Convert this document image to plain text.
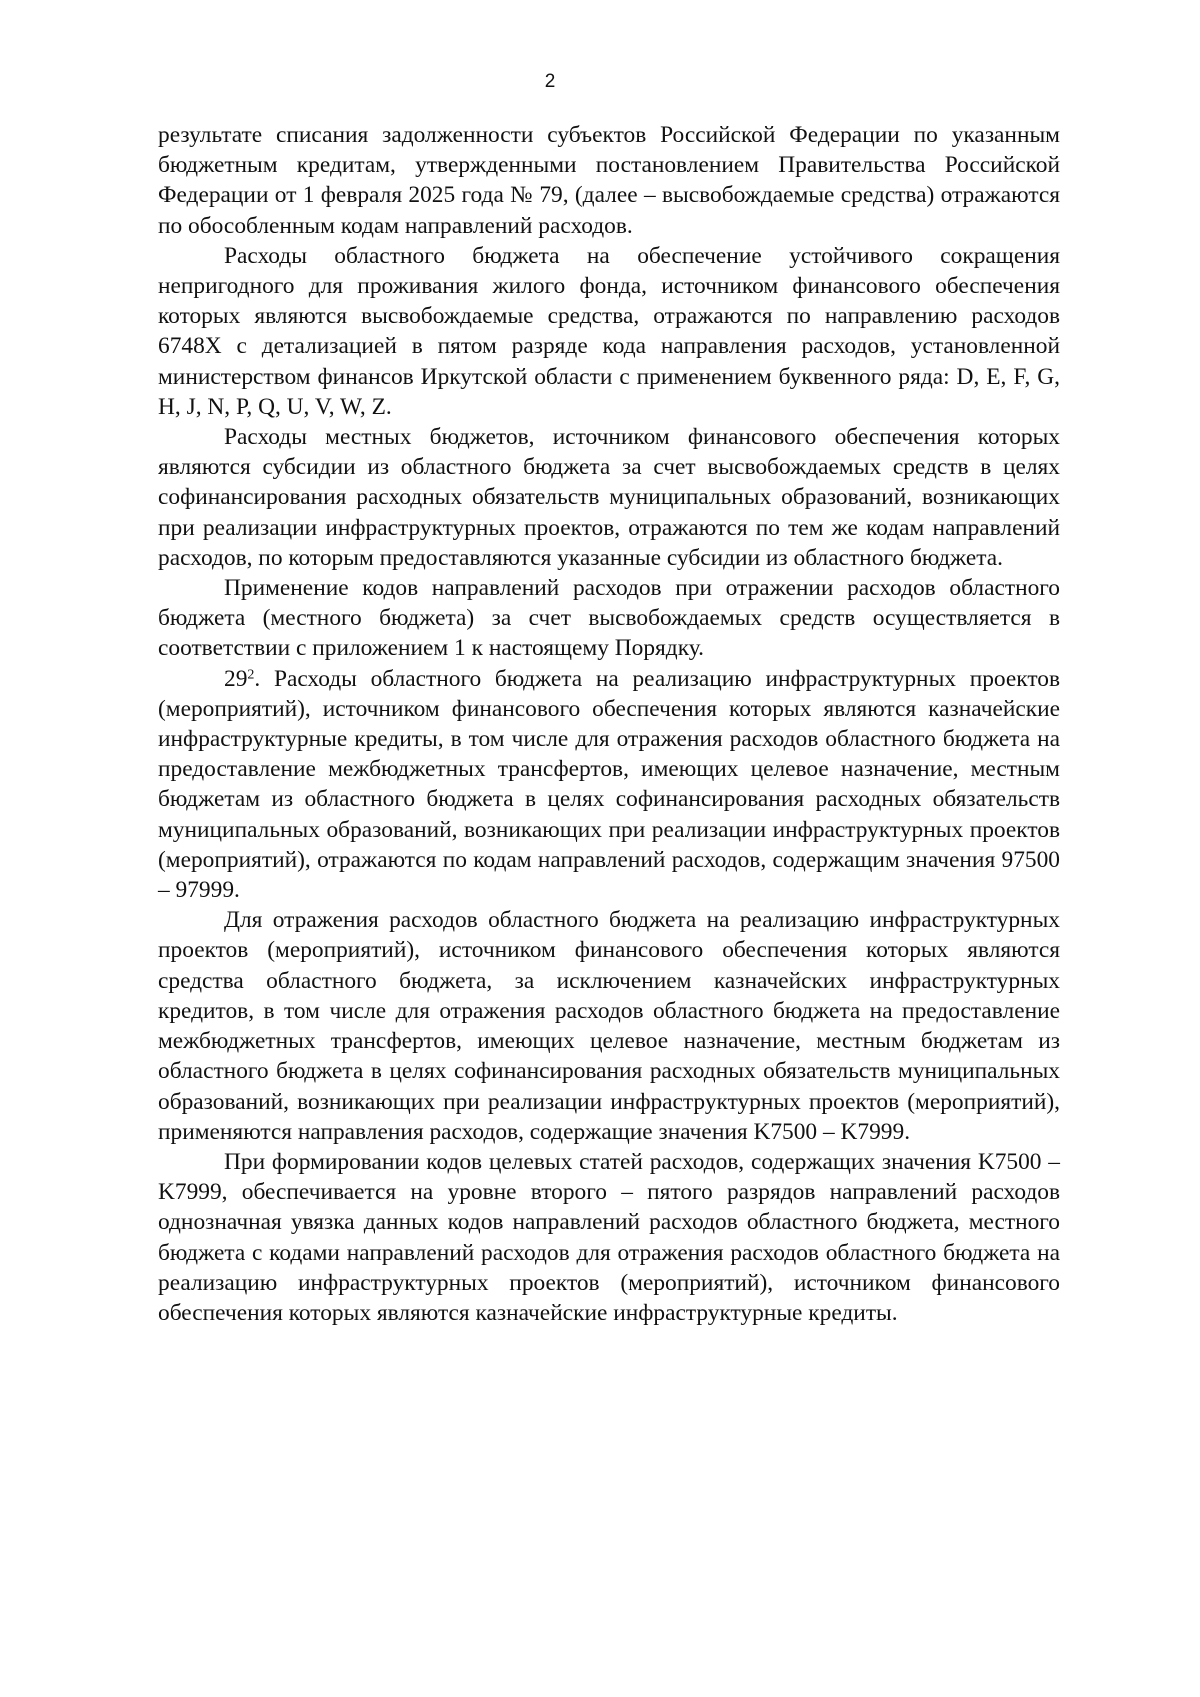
2

результате списания задолженности субъектов Российской Федерации по указанным бюджетным кредитам, утвержденными постановлением Правительства Российской Федерации от 1 февраля 2025 года № 79, (далее – высвобождаемые средства) отражаются по обособленным кодам направлений расходов.

Расходы областного бюджета на обеспечение устойчивого сокращения непригодного для проживания жилого фонда, источником финансового обеспечения которых являются высвобождаемые средства, отражаются по направлению расходов 6748X с детализацией в пятом разряде кода направления расходов, установленной министерством финансов Иркутской области с применением буквенного ряда: D, E, F, G, H, J, N, P, Q, U, V, W, Z.

Расходы местных бюджетов, источником финансового обеспечения которых являются субсидии из областного бюджета за счет высвобождаемых средств в целях софинансирования расходных обязательств муниципальных образований, возникающих при реализации инфраструктурных проектов, отражаются по тем же кодам направлений расходов, по которым предоставляются указанные субсидии из областного бюджета.

Применение кодов направлений расходов при отражении расходов областного бюджета (местного бюджета) за счет высвобождаемых средств осуществляется в соответствии с приложением 1 к настоящему Порядку.

$29^2$. Расходы областного бюджета на реализацию инфраструктурных проектов (мероприятий), источником финансового обеспечения которых являются казначейские инфраструктурные кредиты, в том числе для отражения расходов областного бюджета на предоставление межбюджетных трансфертов, имеющих целевое назначение, местным бюджетам из областного бюджета в целях софинансирования расходных обязательств муниципальных образований, возникающих при реализации инфраструктурных проектов (мероприятий), отражаются по кодам направлений расходов, содержащим значения 97500 – 97999.

Для отражения расходов областного бюджета на реализацию инфраструктурных проектов (мероприятий), источником финансового обеспечения которых являются средства областного бюджета, за исключением казначейских инфраструктурных кредитов, в том числе для отражения расходов областного бюджета на предоставление межбюджетных трансфертов, имеющих целевое назначение, местным бюджетам из областного бюджета в целях софинансирования расходных обязательств муниципальных образований, возникающих при реализации инфраструктурных проектов (мероприятий), применяются направления расходов, содержащие значения K7500 – K7999.

При формировании кодов целевых статей расходов, содержащих значения K7500 – K7999, обеспечивается на уровне второго – пятого разрядов направлений расходов однозначная увязка данных кодов направлений расходов областного бюджета, местного бюджета с кодами направлений расходов для отражения расходов областного бюджета на реализацию инфраструктурных проектов (мероприятий), источником финансового обеспечения которых являются казначейские инфраструктурные кредиты.
